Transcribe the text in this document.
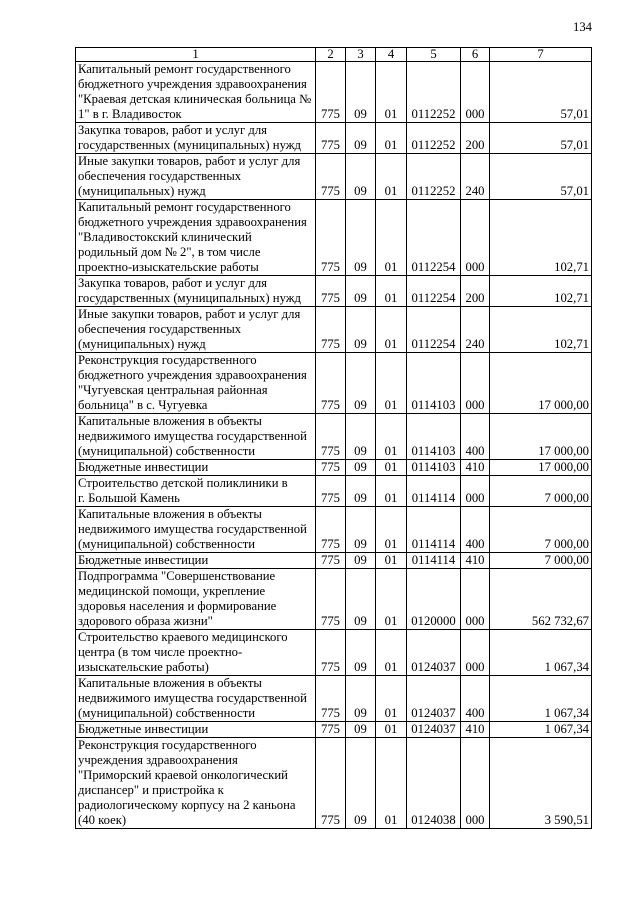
134
1	2	3	4	5	6	7
Капитальный ремонт государственного бюджетного учреждения здравоохранения "Краевая детская клиническая больница № 1" в г. Владивосток	775	09	01	0112252	000	57,01
Закупка товаров, работ и услуг для государственных (муниципальных) нужд	775	09	01	0112252	200	57,01
Иные закупки товаров, работ и услуг для обеспечения государственных (муниципальных) нужд	775	09	01	0112252	240	57,01
Капитальный ремонт государственного бюджетного учреждения здравоохранения "Владивостокский клинический родильный дом № 2", в том числе проектно-изыскательские работы	775	09	01	0112254	000	102,71
Закупка товаров, работ и услуг для государственных (муниципальных) нужд	775	09	01	0112254	200	102,71
Иные закупки товаров, работ и услуг для обеспечения государственных (муниципальных) нужд	775	09	01	0112254	240	102,71
Реконструкция государственного бюджетного учреждения здравоохранения "Чугуевская центральная районная больница" в с. Чугуевка	775	09	01	0114103	000	17 000,00
Капитальные вложения в объекты недвижимого имущества государственной (муниципальной) собственности	775	09	01	0114103	400	17 000,00
Бюджетные инвестиции	775	09	01	0114103	410	17 000,00
Строительство детской поликлиники в г. Большой Камень	775	09	01	0114114	000	7 000,00
Капитальные вложения в объекты недвижимого имущества государственной (муниципальной) собственности	775	09	01	0114114	400	7 000,00
Бюджетные инвестиции	775	09	01	0114114	410	7 000,00
Подпрограмма "Совершенствование медицинской помощи, укрепление здоровья населения и формирование здорового образа жизни"	775	09	01	0120000	000	562 732,67
Строительство краевого медицинского центра (в том числе проектно-изыскательские работы)	775	09	01	0124037	000	1 067,34
Капитальные вложения в объекты недвижимого имущества государственной (муниципальной) собственности	775	09	01	0124037	400	1 067,34
Бюджетные инвестиции	775	09	01	0124037	410	1 067,34
Реконструкция государственного учреждения здравоохранения "Приморский краевой онкологический диспансер" и пристройка к радиологическому корпусу на 2 каньона (40 коек)	775	09	01	0124038	000	3 590,51
